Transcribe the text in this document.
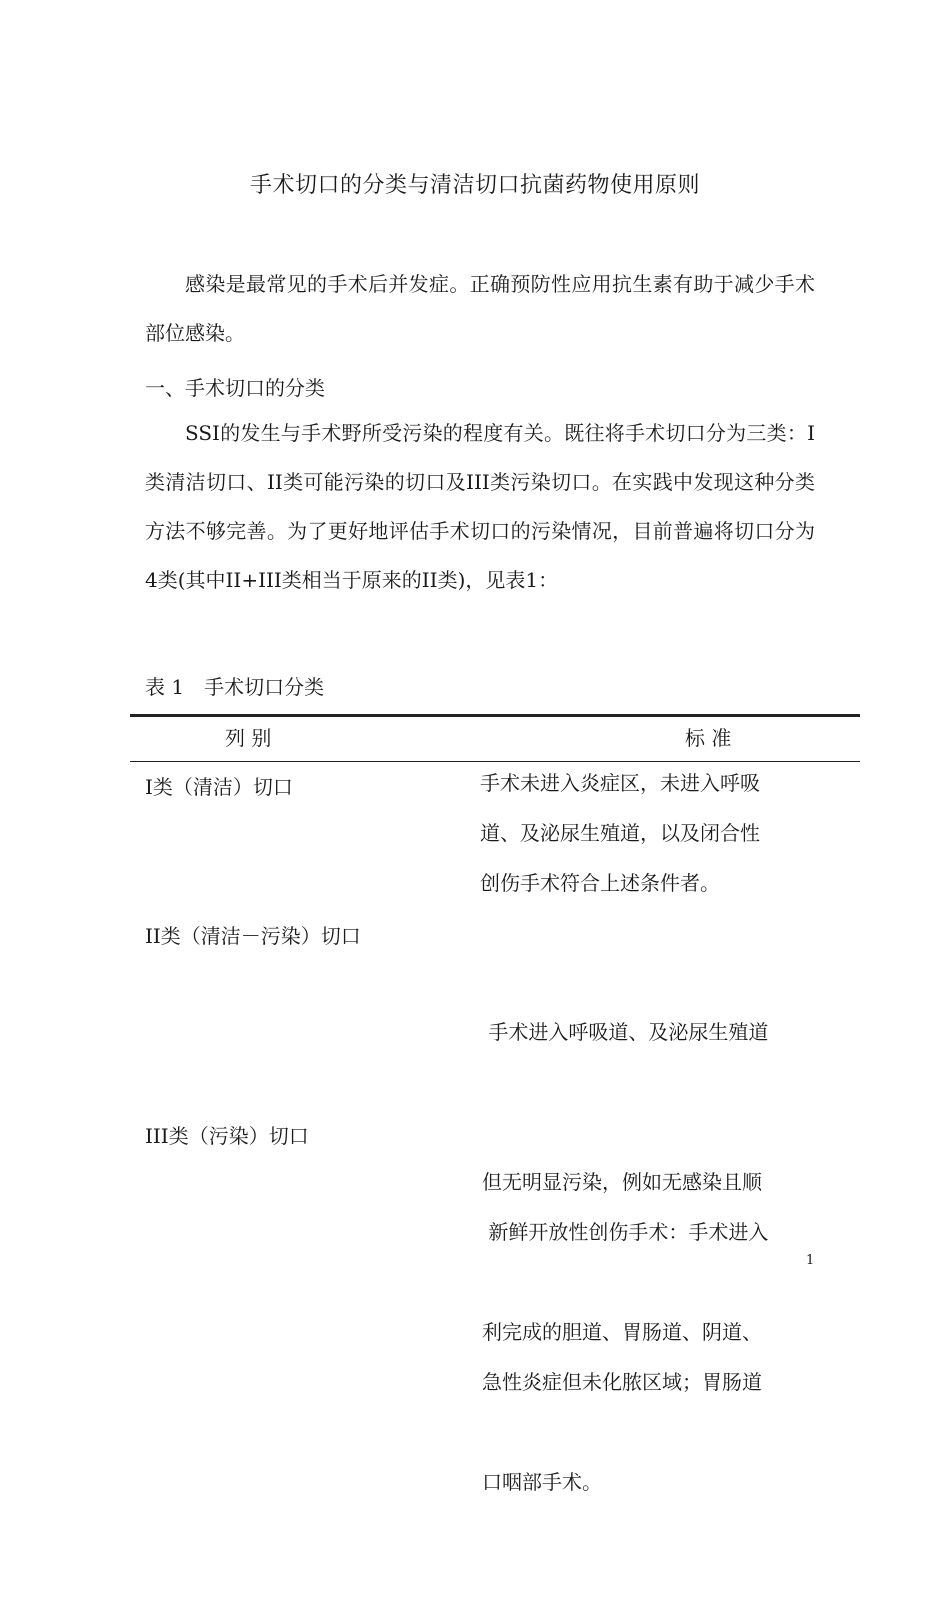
手术切口的分类与清洁切口抗菌药物使用原则
感染是最常见的手术后并发症。正确预防性应用抗生素有助于减少手术部位感染。
一、手术切口的分类
SSI的发生与手术野所受污染的程度有关。既往将手术切口分为三类：I类清洁切口、II类可能污染的切口及III类污染切口。在实践中发现这种分类方法不够完善。为了更好地评估手术切口的污染情况，目前普遍将切口分为4类(其中II+III类相当于原来的II类)，见表1：
表 1　手术切口分类
列 别	标 准
I类（清洁）切口	手术未进入炎症区，未进入呼吸
道、及泌尿生殖道，以及闭合性
创伤手术符合上述条件者。
II类（清洁－污染）切口

手术进入呼吸道、及泌尿生殖道

但无明显污染，例如无感染且顺

利完成的胆道、胃肠道、阴道、

口咽部手术。

III类（污染）切口

新鲜开放性创伤手术：手术进入

急性炎症但未化脓区域；胃肠道

1
